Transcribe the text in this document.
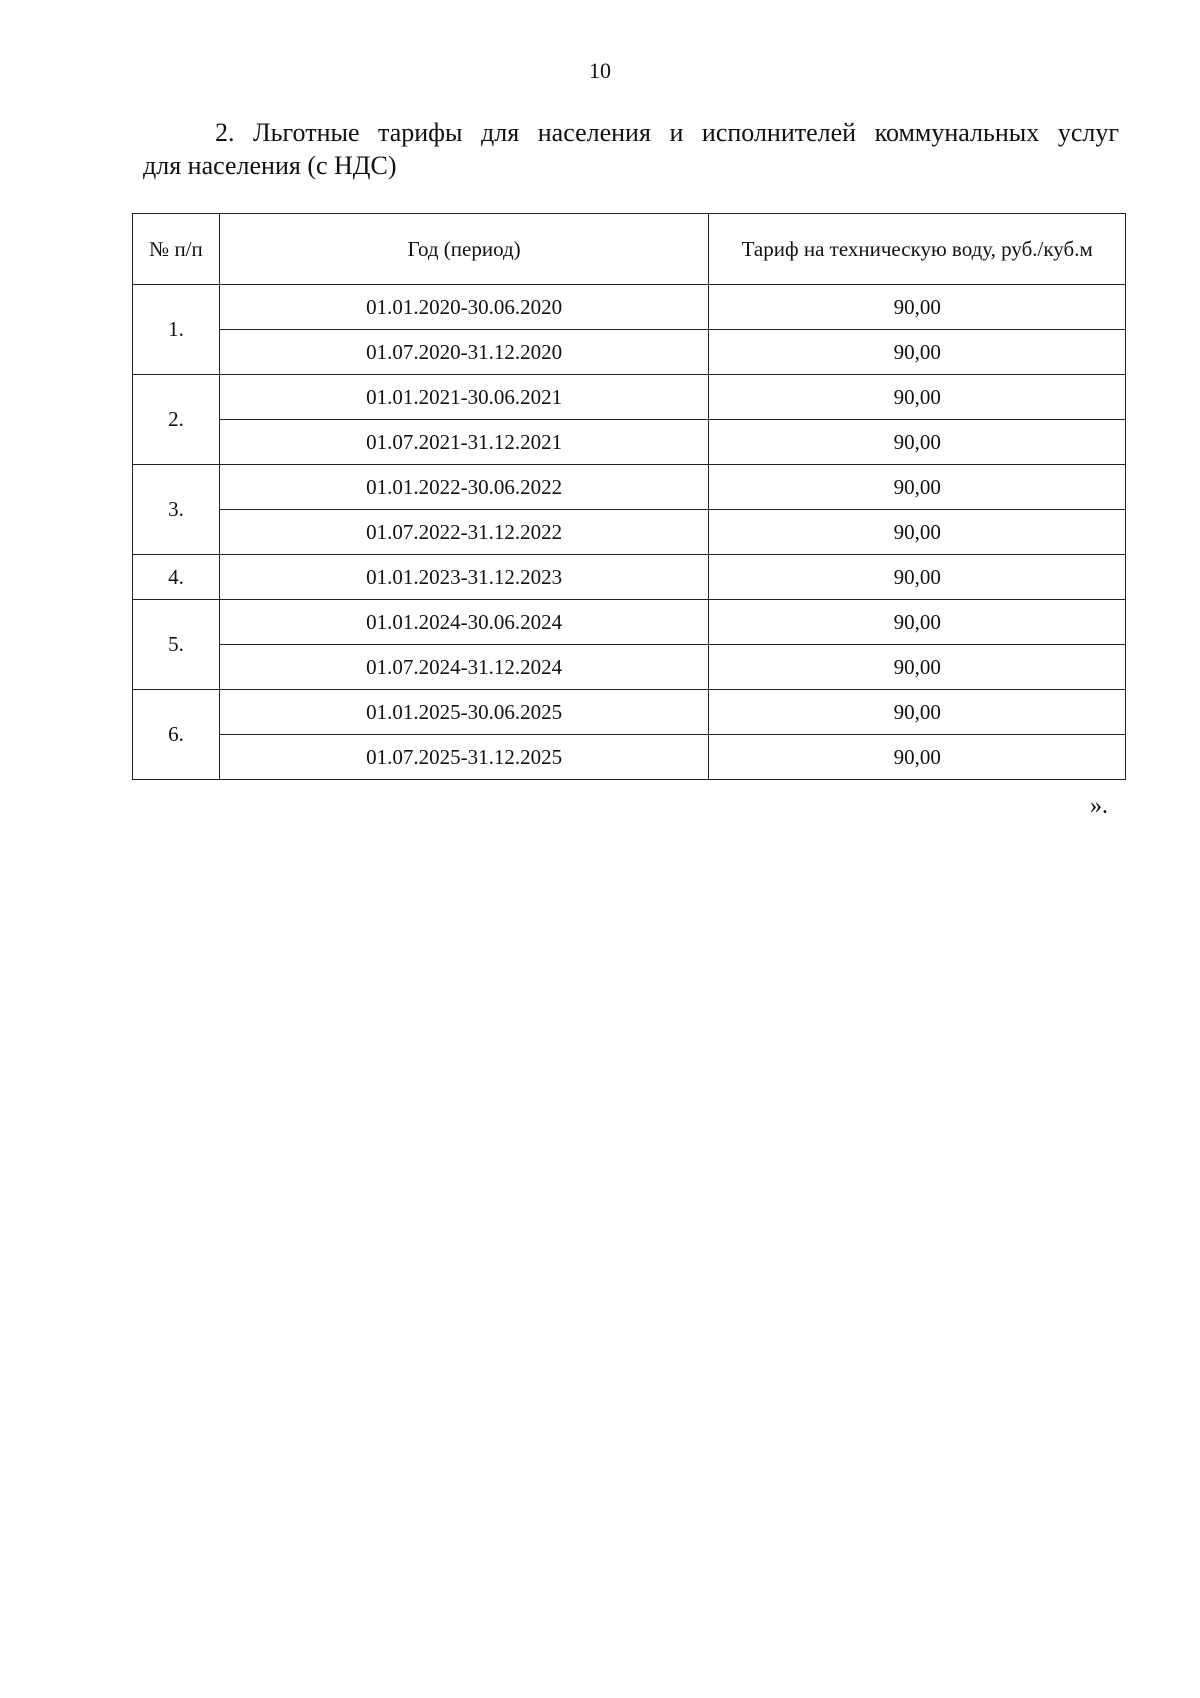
10
2. Льготные тарифы для населения и исполнителей коммунальных услуг
для населения (с НДС)
№ п/п	Год (период)	Тариф на техническую воду, руб./куб.м
1.	01.01.2020-30.06.2020	90,00
	01.07.2020-31.12.2020	90,00
2.	01.01.2021-30.06.2021	90,00
	01.07.2021-31.12.2021	90,00
3.	01.01.2022-30.06.2022	90,00
	01.07.2022-31.12.2022	90,00
4.	01.01.2023-31.12.2023	90,00
5.	01.01.2024-30.06.2024	90,00
	01.07.2024-31.12.2024	90,00
6.	01.01.2025-30.06.2025	90,00
	01.07.2025-31.12.2025	90,00
».
